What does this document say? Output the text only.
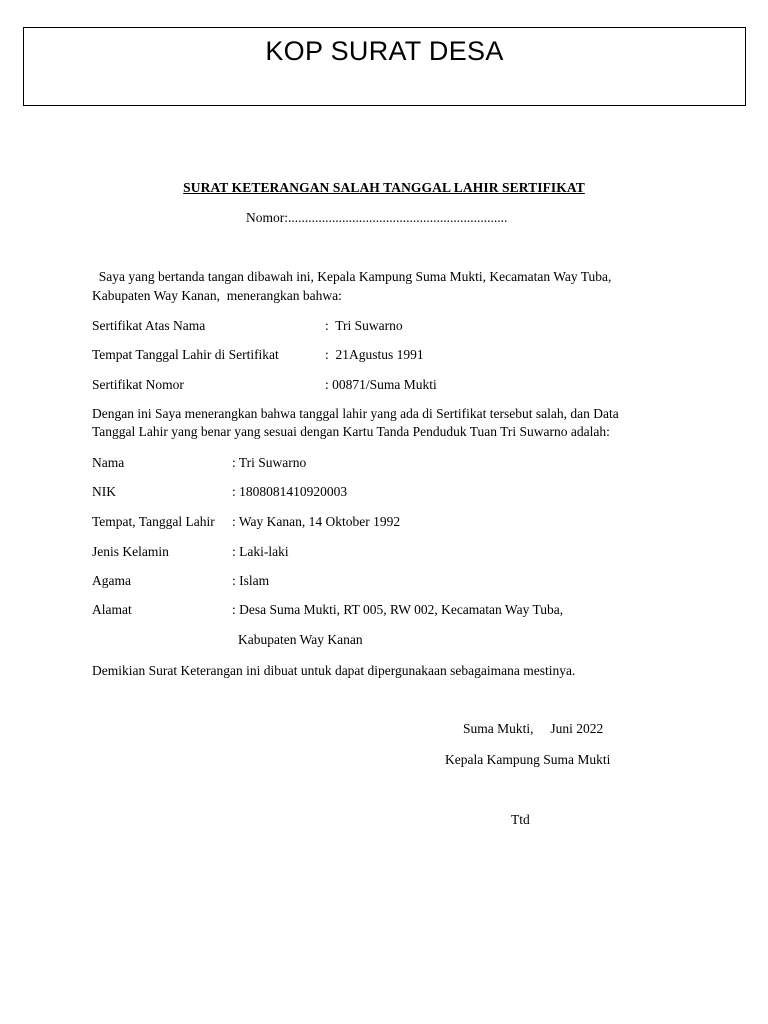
KOP SURAT DESA
SURAT KETERANGAN SALAH TANGGAL LAHIR SERTIFIKAT
Nomor:.................................................................
Saya yang bertanda tangan dibawah ini, Kepala Kampung Suma Mukti, Kecamatan Way Tuba,
Kabupaten Way Kanan,  menerangkan bahwa:
Sertifikat Atas Nama	:  Tri Suwarno
Tempat Tanggal Lahir di Sertifikat	:  21Agustus 1991
Sertifikat Nomor	: 00871/Suma Mukti
Dengan ini Saya menerangkan bahwa tanggal lahir yang ada di Sertifikat tersebut salah, dan Data
Tanggal Lahir yang benar yang sesuai dengan Kartu Tanda Penduduk Tuan Tri Suwarno adalah:
Nama	: Tri Suwarno
NIK	: 1808081410920003
Tempat, Tanggal Lahir : Way Kanan, 14 Oktober 1992
Jenis Kelamin	: Laki-laki
Agama	: Islam
Alamat	: Desa Suma Mukti, RT 005, RW 002, Kecamatan Way Tuba,
Kabupaten Way Kanan
Demikian Surat Keterangan ini dibuat untuk dapat dipergunakaan sebagaimana mestinya.
Suma Mukti,     Juni 2022
Kepala Kampung Suma Mukti
Ttd
